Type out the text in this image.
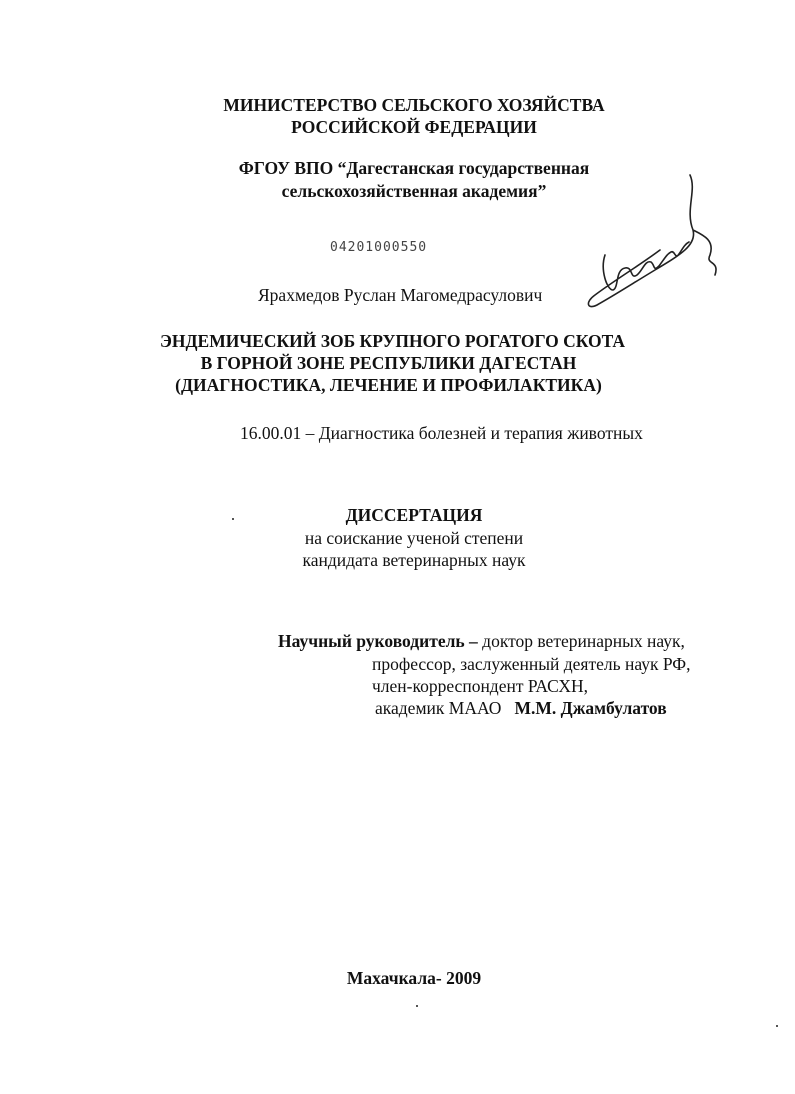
МИНИСТЕРСТВО СЕЛЬСКОГО ХОЗЯЙСТВА
РОССИЙСКОЙ ФЕДЕРАЦИИ
ФГОУ ВПО “Дагестанская государственная
сельскохозяйственная академия”
04201000550
Ярахмедов Руслан Магомедрасулович
ЭНДЕМИЧЕСКИЙ ЗОБ КРУПНОГО РОГАТОГО СКОТА
В ГОРНОЙ ЗОНЕ РЕСПУБЛИКИ ДАГЕСТАН
(ДИАГНОСТИКА, ЛЕЧЕНИЕ И ПРОФИЛАКТИКА)
16.00.01 – Диагностика болезней и терапия животных
ДИССЕРТАЦИЯ
на соискание ученой степени
кандидата ветеринарных наук
Научный руководитель – доктор ветеринарных наук,
профессор, заслуженный деятель наук РФ,
член-корреспондент РАСХН,
академик МААО М.М. Джамбулатов
Махачкала- 2009
